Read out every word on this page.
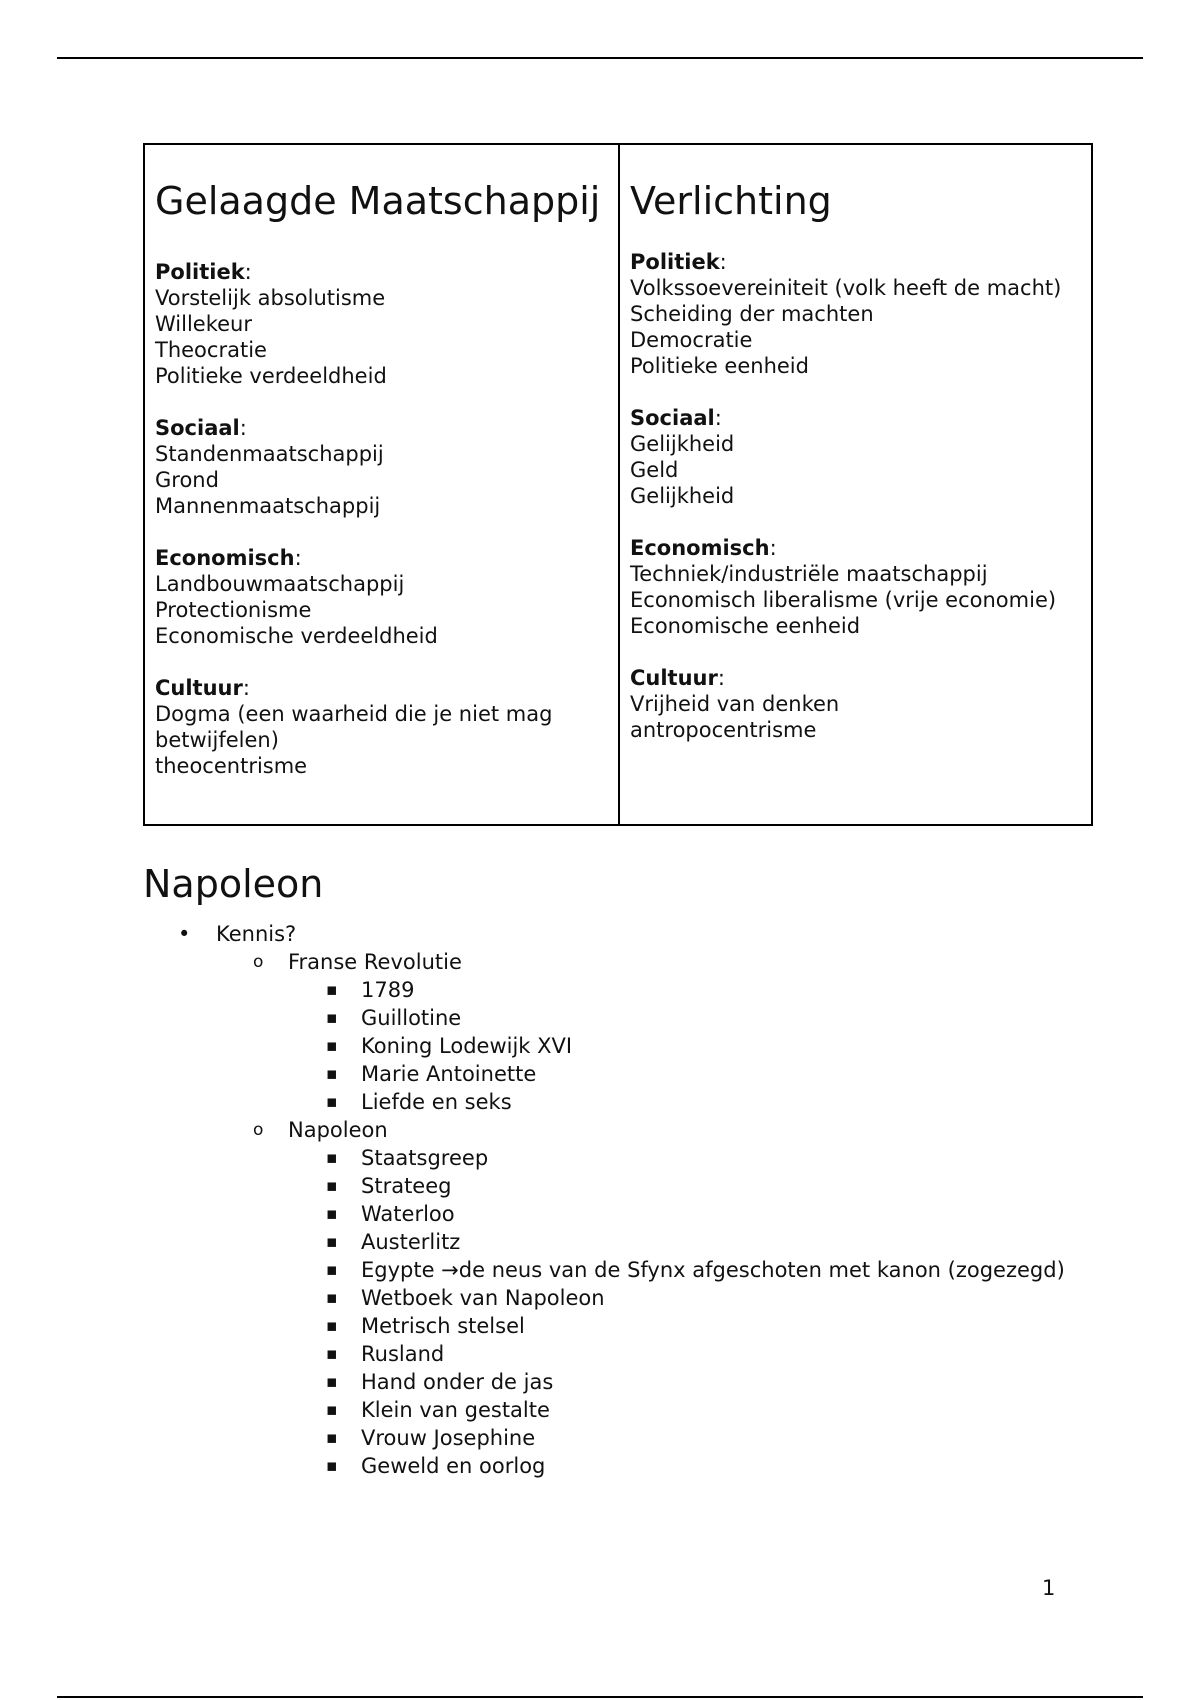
Gelaagde Maatschappij
Politiek:
Vorstelijk absolutisme
Willekeur
Theocratie
Politieke verdeeldheid
Sociaal:
Standenmaatschappij
Grond
Mannenmaatschappij
Economisch:
Landbouwmaatschappij
Protectionisme
Economische verdeeldheid
Cultuur:
Dogma (een waarheid die je niet mag betwijfelen)
theocentrisme
Verlichting
Politiek:
Volkssoevereiniteit (volk heeft de macht)
Scheiding der machten
Democratie
Politieke eenheid
Sociaal:
Gelijkheid
Geld
Gelijkheid
Economisch:
Techniek/industriële maatschappij
Economisch liberalisme (vrije economie)
Economische eenheid
Cultuur:
Vrijheid van denken
antropocentrisme
Napoleon
• Kennis?
o Franse Revolutie
▪ 1789
▪ Guillotine
▪ Koning Lodewijk XVI
▪ Marie Antoinette
▪ Liefde en seks
o Napoleon
▪ Staatsgreep
▪ Strateeg
▪ Waterloo
▪ Austerlitz
▪ Egypte →de neus van de Sfynx afgeschoten met kanon (zogezegd)
▪ Wetboek van Napoleon
▪ Metrisch stelsel
▪ Rusland
▪ Hand onder de jas
▪ Klein van gestalte
▪ Vrouw Josephine
▪ Geweld en oorlog
1
